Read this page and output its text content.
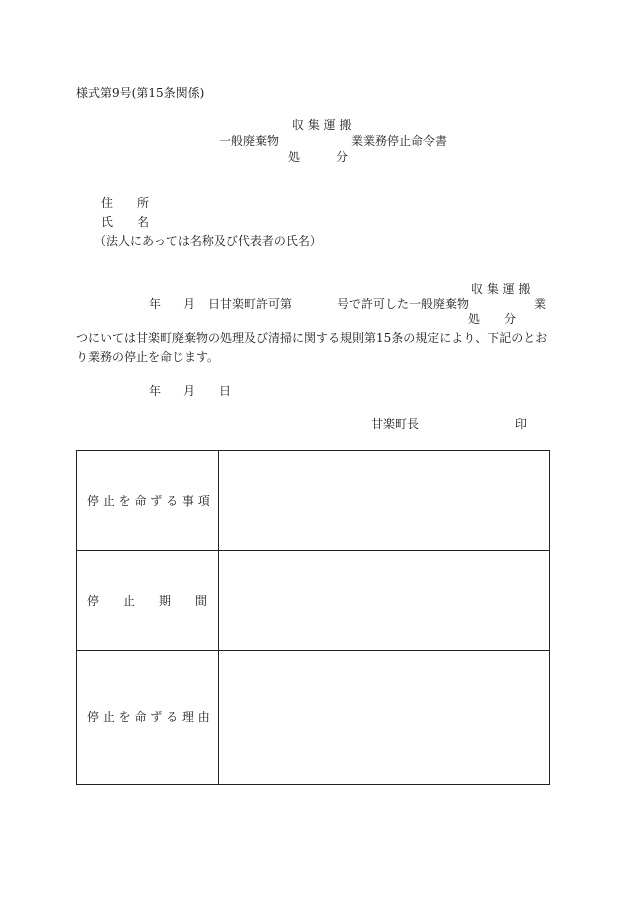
様式第9号(第15条関係)
収 集 運 搬
一般廃棄物	業業務停止命令書
処　　　分
住　　所
氏　　名
（法人にあっては名称及び代表者の氏名）
収 集 運 搬
年 月 日甘楽町許可第	号で許可した一般廃棄物	業
処　　分
つにいては甘楽町廃棄物の処理及び清掃に関する規則第15条の規定により、下記のとお
り業務の停止を命じます。
年 月 日
甘楽町長	印
停 止 を 命 ず る 事 項
停　　止　　期　　間
停 止 を 命 ず る 理 由
